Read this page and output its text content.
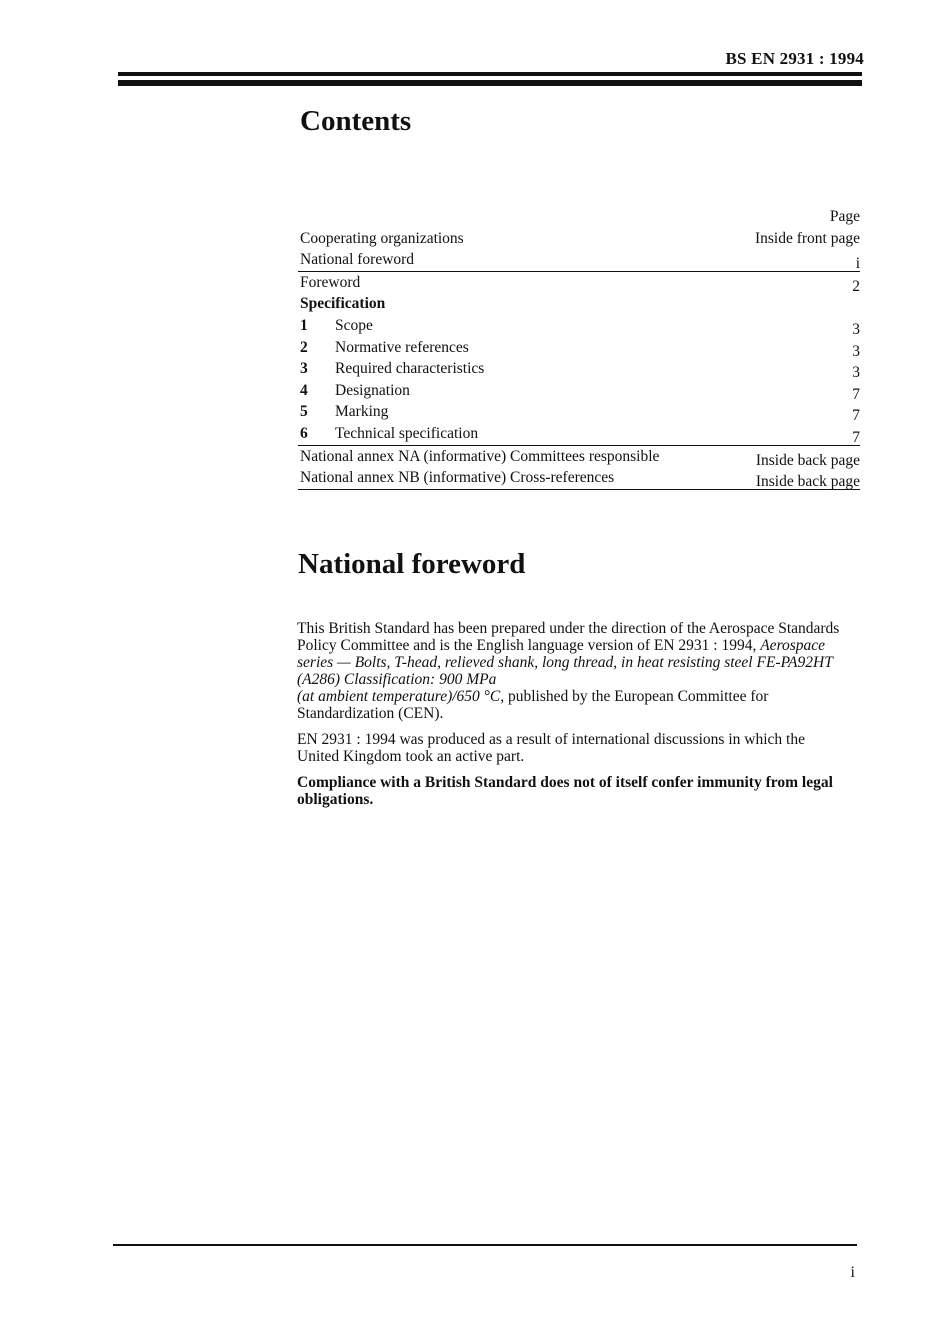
BS EN 2931 : 1994
Contents
Page
Cooperating organizations	Inside front page
National foreword	i
Foreword	2
Specification
1 Scope	3
2 Normative references	3
3 Required characteristics	3
4 Designation	7
5 Marking	7
6 Technical specification	7
National annex NA (informative) Committees responsible	Inside back page
National annex NB (informative) Cross-references	Inside back page
National foreword

This British Standard has been prepared under the direction of the Aerospace Standards Policy Committee and is the English language version of EN 2931 : 1994, Aerospace series — Bolts, T-head, relieved shank, long thread, in heat resisting steel FE-PA92HT (A286) Classification: 900 MPa
(at ambient temperature)/650 °C, published by the European Committee for Standardization (CEN).

EN 2931 : 1994 was produced as a result of international discussions in which the United Kingdom took an active part.

Compliance with a British Standard does not of itself confer immunity from legal obligations.

i
